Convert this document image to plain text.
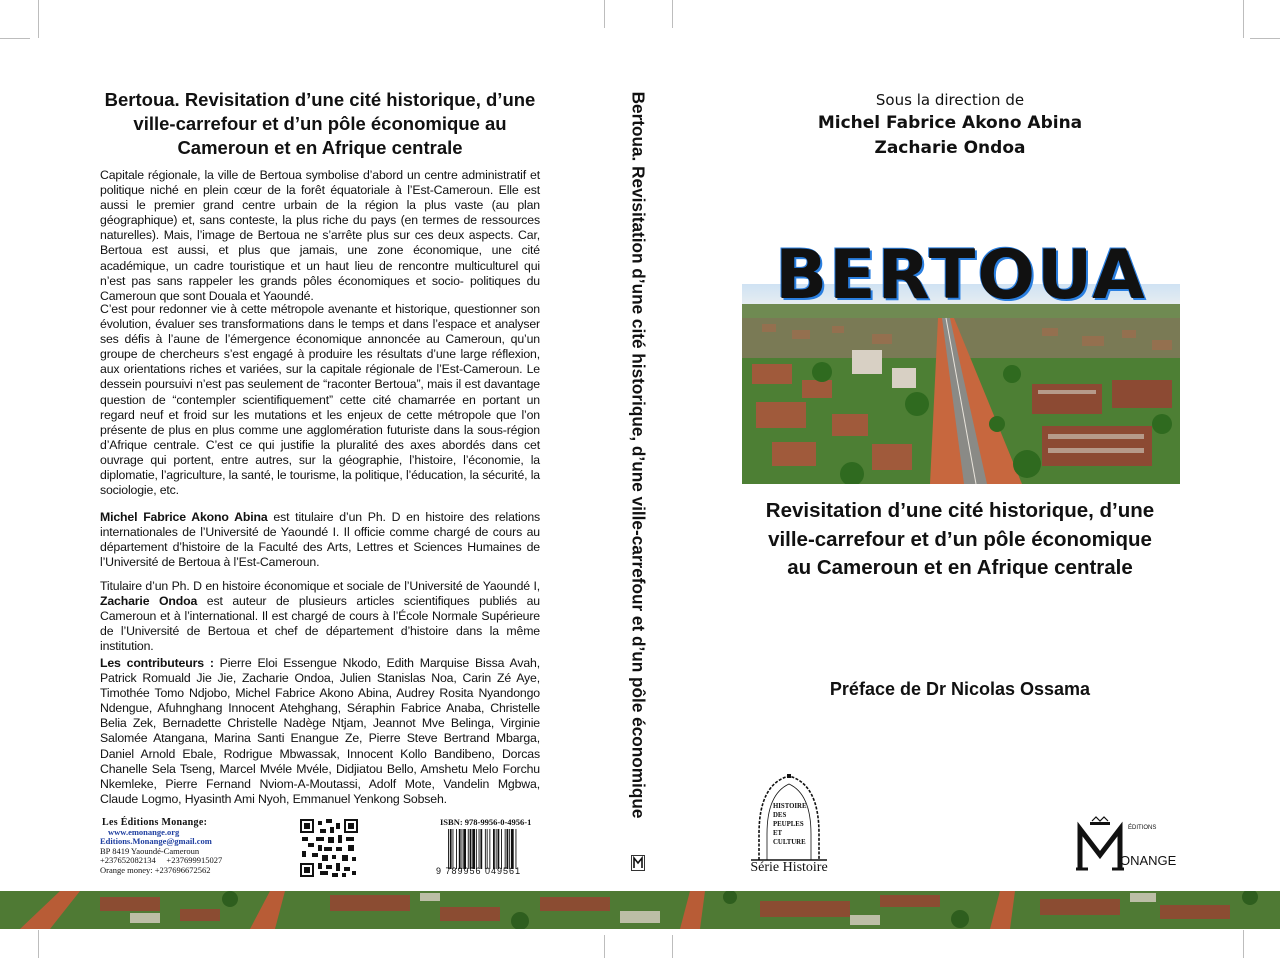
Bertoua. Revisitation d’une cité historique, d’une ville-carrefour et d’un pôle économique au Cameroun et en Afrique centrale
Capitale régionale, la ville de Bertoua symbolise d’abord un centre administratif et politique niché en plein cœur de la forêt équatoriale à l’Est-Cameroun. Elle est aussi le premier grand centre urbain de la région la plus vaste (au plan géographique) et, sans conteste, la plus riche du pays (en termes de ressources naturelles). Mais, l’image de Bertoua ne s’arrête plus sur ces deux aspects. Car, Bertoua est aussi, et plus que jamais, une zone économique, une cité académique, un cadre touristique et un haut lieu de rencontre multiculturel qui n’est pas sans rappeler les grands pôles économiques et socio- politiques du Cameroun que sont Douala et Yaoundé.
C’est pour redonner vie à cette métropole avenante et historique, questionner son évolution, évaluer ses transformations dans le temps et dans l’espace et analyser ses défis à l’aune de l’émergence économique annoncée au Cameroun, qu’un groupe de chercheurs s’est engagé à produire les résultats d’une large réflexion, aux orientations riches et variées, sur la capitale régionale de l’Est-Cameroun. Le dessein poursuivi n’est pas seulement de “raconter Bertoua”, mais il est davantage question de “contempler scientifiquement” cette cité chamarrée en portant un regard neuf et froid sur les mutations et les enjeux de cette métropole que l’on présente de plus en plus comme une agglomération futuriste dans la sous-région d’Afrique centrale. C’est ce qui justifie la pluralité des axes abordés dans cet ouvrage qui portent, entre autres, sur la géographie, l’histoire, l’économie, la diplomatie, l’agriculture, la santé, le tourisme, la politique, l’éducation, la sécurité, la sociologie, etc.
Michel Fabrice Akono Abina est titulaire d’un Ph. D en histoire des relations internationales de l’Université de Yaoundé I. Il officie comme chargé de cours au département d’histoire de la Faculté des Arts, Lettres et Sciences Humaines de l’Université de Bertoua à l’Est-Cameroun.
Titulaire d’un Ph. D en histoire économique et sociale de l’Université de Yaoundé I, Zacharie Ondoa est auteur de plusieurs articles scientifiques publiés au Cameroun et à l’international. Il est chargé de cours à l’École Normale Supérieure de l’Université de Bertoua et chef de département d’histoire dans la même institution.
Les contributeurs : Pierre Eloi Essengue Nkodo, Edith Marquise Bissa Avah, Patrick Romuald Jie Jie, Zacharie Ondoa, Julien Stanislas Noa, Carin Zé Aye, Timothée Tomo Ndjobo, Michel Fabrice Akono Abina, Audrey Rosita Nyandongo Ndengue, Afuhnghang Innocent Atehghang, Séraphin Fabrice Anaba, Christelle Belia Zek, Bernadette Christelle Nadège Ntjam, Jeannot Mve Belinga, Virginie Salomée Atangana, Marina Santi Enangue Ze, Pierre Steve Bertrand Mbarga, Daniel Arnold Ebale, Rodrigue Mbwassak, Innocent Kollo Bandibeno, Dorcas Chanelle Sela Tseng, Marcel Mvéle Mvéle, Didjiatou Bello, Amshetu Melo Forchu Nkemleke, Pierre Fernand Nviom-A-Moutassi, Adolf Mote, Vandelin Mgbwa, Claude Logmo, Hyasinth Ami Nyoh, Emmanuel Yenkong Sobseh.
Les Éditions Monange:
www.emonange.org
Editions.Monange@gmail.com
BP 8419 Yaoundé-Cameroun
+237652082134     +237699915027
Orange money: +237696672562
ISBN: 978-9956-0-4956-1
9 789956 049561
Bertoua. Revisitation d’une cité historique, d’une ville-carrefour et d’un pôle économique	Sous la direction de
Michel Fabrice Akono Abina
Zacharie Ondoa
BERTOUA
Revisitation d’une cité historique, d’une
ville-carrefour et d’un pôle économique
au Cameroun et en Afrique centrale
Préface de Dr Nicolas Ossama
HISTOIRE DES PEUPLES ET CULTURE
Série Histoire
ÉDITIONS
ONANGE
